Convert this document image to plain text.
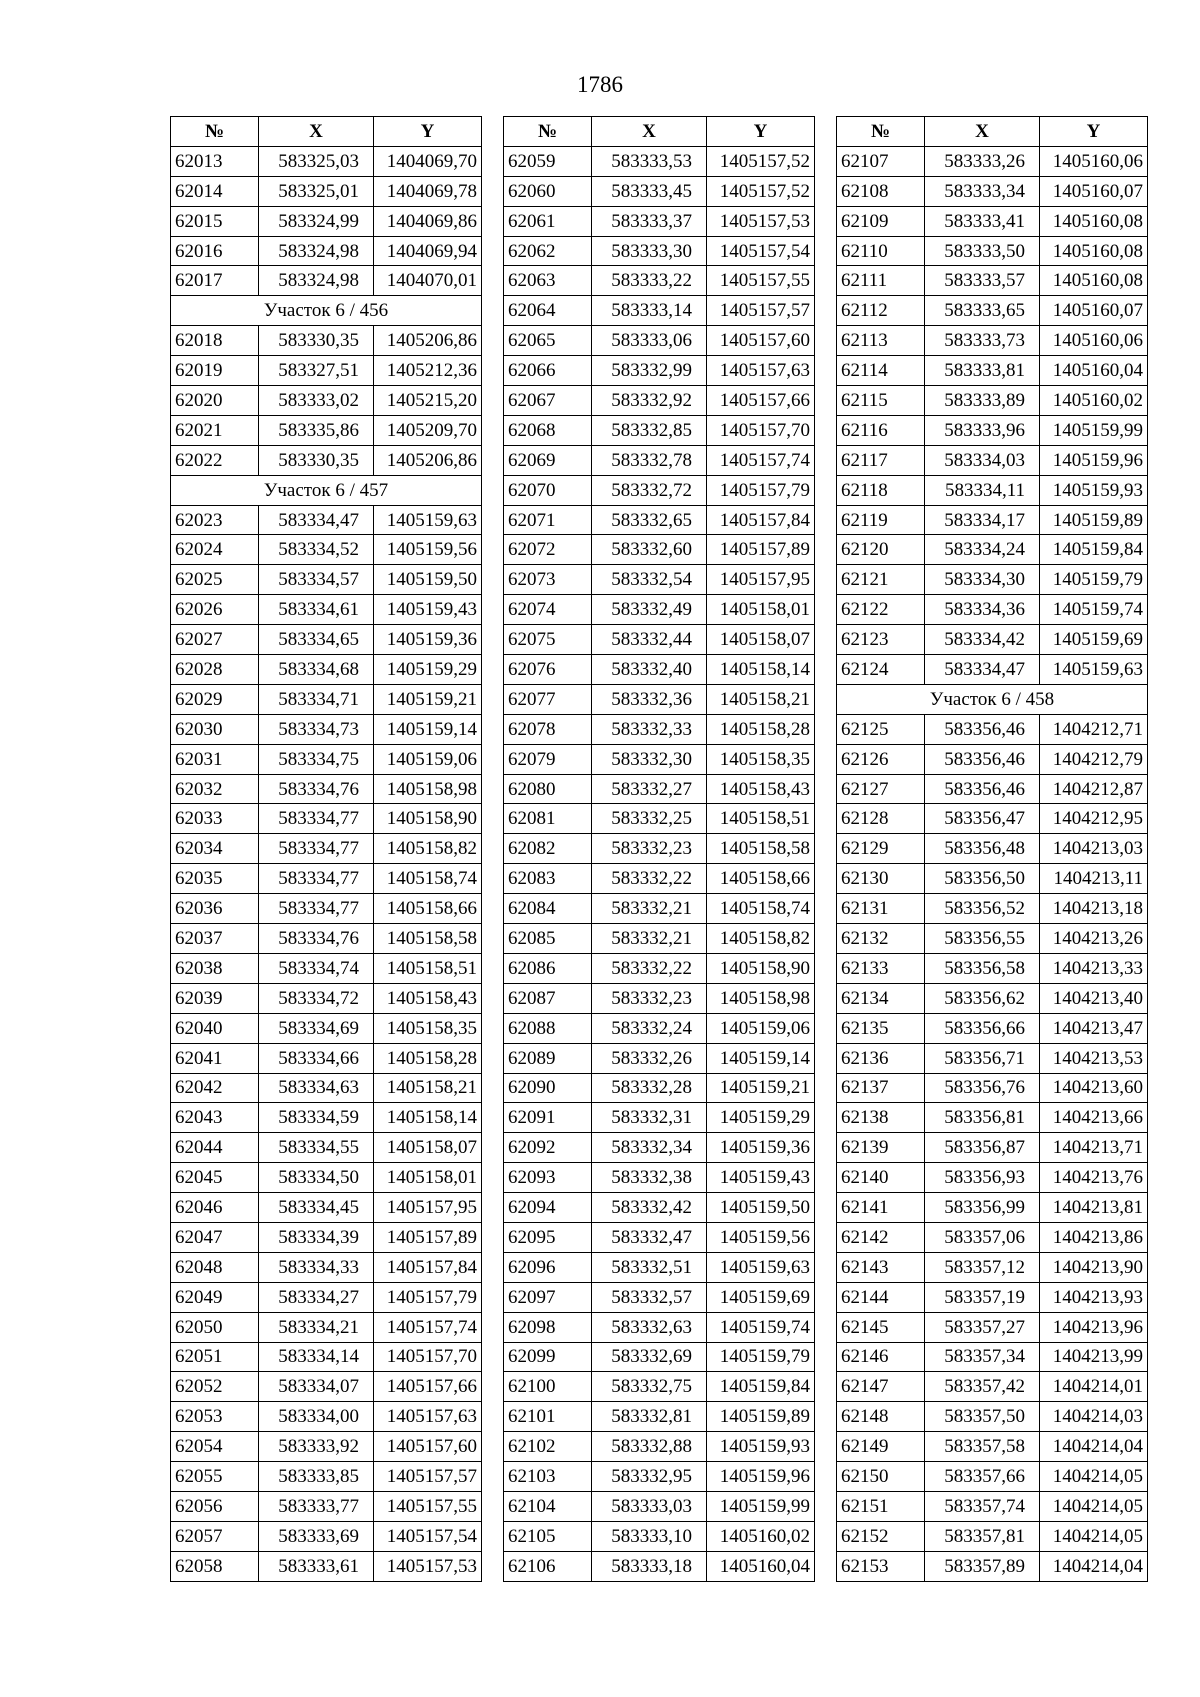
1786
№	X	Y
62013	583325,03	1404069,70
62014	583325,01	1404069,78
62015	583324,99	1404069,86
62016	583324,98	1404069,94
62017	583324,98	1404070,01
Участок 6 / 456		
62018	583330,35	1405206,86
62019	583327,51	1405212,36
62020	583333,02	1405215,20
62021	583335,86	1405209,70
62022	583330,35	1405206,86
Участок 6 / 457		
62023	583334,47	1405159,63
62024	583334,52	1405159,56
62025	583334,57	1405159,50
62026	583334,61	1405159,43
62027	583334,65	1405159,36
62028	583334,68	1405159,29
62029	583334,71	1405159,21
62030	583334,73	1405159,14
62031	583334,75	1405159,06
62032	583334,76	1405158,98
62033	583334,77	1405158,90
62034	583334,77	1405158,82
62035	583334,77	1405158,74
62036	583334,77	1405158,66
62037	583334,76	1405158,58
62038	583334,74	1405158,51
62039	583334,72	1405158,43
62040	583334,69	1405158,35
62041	583334,66	1405158,28
62042	583334,63	1405158,21
62043	583334,59	1405158,14
62044	583334,55	1405158,07
62045	583334,50	1405158,01
62046	583334,45	1405157,95
62047	583334,39	1405157,89
62048	583334,33	1405157,84
62049	583334,27	1405157,79
62050	583334,21	1405157,74
62051	583334,14	1405157,70
62052	583334,07	1405157,66
62053	583334,00	1405157,63
62054	583333,92	1405157,60
62055	583333,85	1405157,57
62056	583333,77	1405157,55
62057	583333,69	1405157,54
62058	583333,61	1405157,53
№	X	Y
62059	583333,53	1405157,52
62060	583333,45	1405157,52
62061	583333,37	1405157,53
62062	583333,30	1405157,54
62063	583333,22	1405157,55
62064	583333,14	1405157,57
62065	583333,06	1405157,60
62066	583332,99	1405157,63
62067	583332,92	1405157,66
62068	583332,85	1405157,70
62069	583332,78	1405157,74
62070	583332,72	1405157,79
62071	583332,65	1405157,84
62072	583332,60	1405157,89
62073	583332,54	1405157,95
62074	583332,49	1405158,01
62075	583332,44	1405158,07
62076	583332,40	1405158,14
62077	583332,36	1405158,21
62078	583332,33	1405158,28
62079	583332,30	1405158,35
62080	583332,27	1405158,43
62081	583332,25	1405158,51
62082	583332,23	1405158,58
62083	583332,22	1405158,66
62084	583332,21	1405158,74
62085	583332,21	1405158,82
62086	583332,22	1405158,90
62087	583332,23	1405158,98
62088	583332,24	1405159,06
62089	583332,26	1405159,14
62090	583332,28	1405159,21
62091	583332,31	1405159,29
62092	583332,34	1405159,36
62093	583332,38	1405159,43
62094	583332,42	1405159,50
62095	583332,47	1405159,56
62096	583332,51	1405159,63
62097	583332,57	1405159,69
62098	583332,63	1405159,74
62099	583332,69	1405159,79
62100	583332,75	1405159,84
62101	583332,81	1405159,89
62102	583332,88	1405159,93
62103	583332,95	1405159,96
62104	583333,03	1405159,99
62105	583333,10	1405160,02
62106	583333,18	1405160,04
№	X	Y
62107	583333,26	1405160,06
62108	583333,34	1405160,07
62109	583333,41	1405160,08
62110	583333,50	1405160,08
62111	583333,57	1405160,08
62112	583333,65	1405160,07
62113	583333,73	1405160,06
62114	583333,81	1405160,04
62115	583333,89	1405160,02
62116	583333,96	1405159,99
62117	583334,03	1405159,96
62118	583334,11	1405159,93
62119	583334,17	1405159,89
62120	583334,24	1405159,84
62121	583334,30	1405159,79
62122	583334,36	1405159,74
62123	583334,42	1405159,69
62124	583334,47	1405159,63
Участок 6 / 458		
62125	583356,46	1404212,71
62126	583356,46	1404212,79
62127	583356,46	1404212,87
62128	583356,47	1404212,95
62129	583356,48	1404213,03
62130	583356,50	1404213,11
62131	583356,52	1404213,18
62132	583356,55	1404213,26
62133	583356,58	1404213,33
62134	583356,62	1404213,40
62135	583356,66	1404213,47
62136	583356,71	1404213,53
62137	583356,76	1404213,60
62138	583356,81	1404213,66
62139	583356,87	1404213,71
62140	583356,93	1404213,76
62141	583356,99	1404213,81
62142	583357,06	1404213,86
62143	583357,12	1404213,90
62144	583357,19	1404213,93
62145	583357,27	1404213,96
62146	583357,34	1404213,99
62147	583357,42	1404214,01
62148	583357,50	1404214,03
62149	583357,58	1404214,04
62150	583357,66	1404214,05
62151	583357,74	1404214,05
62152	583357,81	1404214,05
62153	583357,89	1404214,04
